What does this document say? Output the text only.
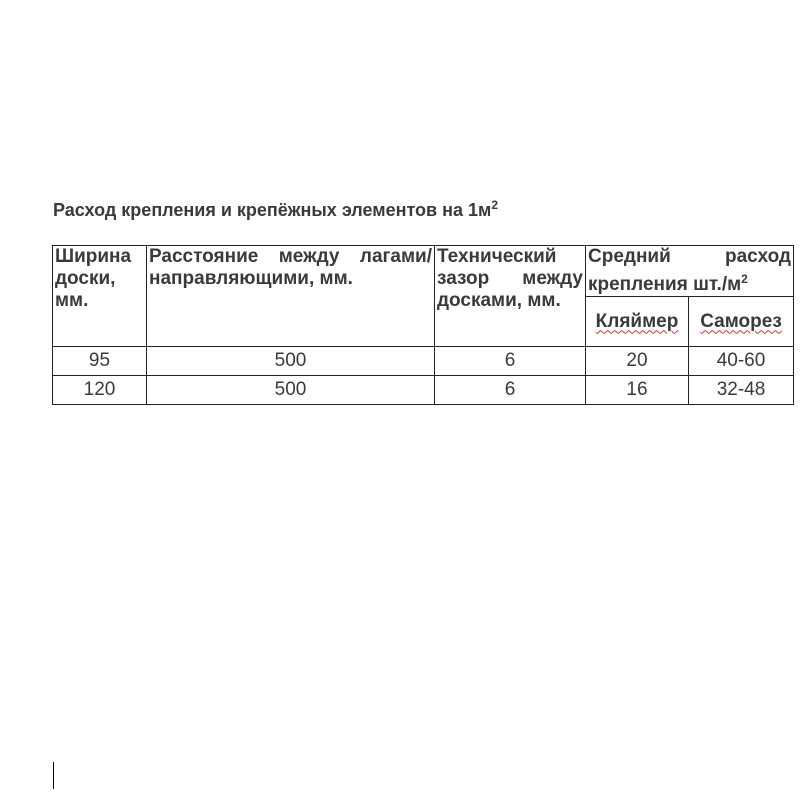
Расход крепления и крепёжных элементов на $1м^2$
Ширина доски, мм.	Расстояние между лагами/направляющими, мм.	Технический зазор между досками, мм.	Средний расход крепления $шт./м^2$
			Кляймер	Саморез
95	500	6	20	40-60
120	500	6	16	32-48
